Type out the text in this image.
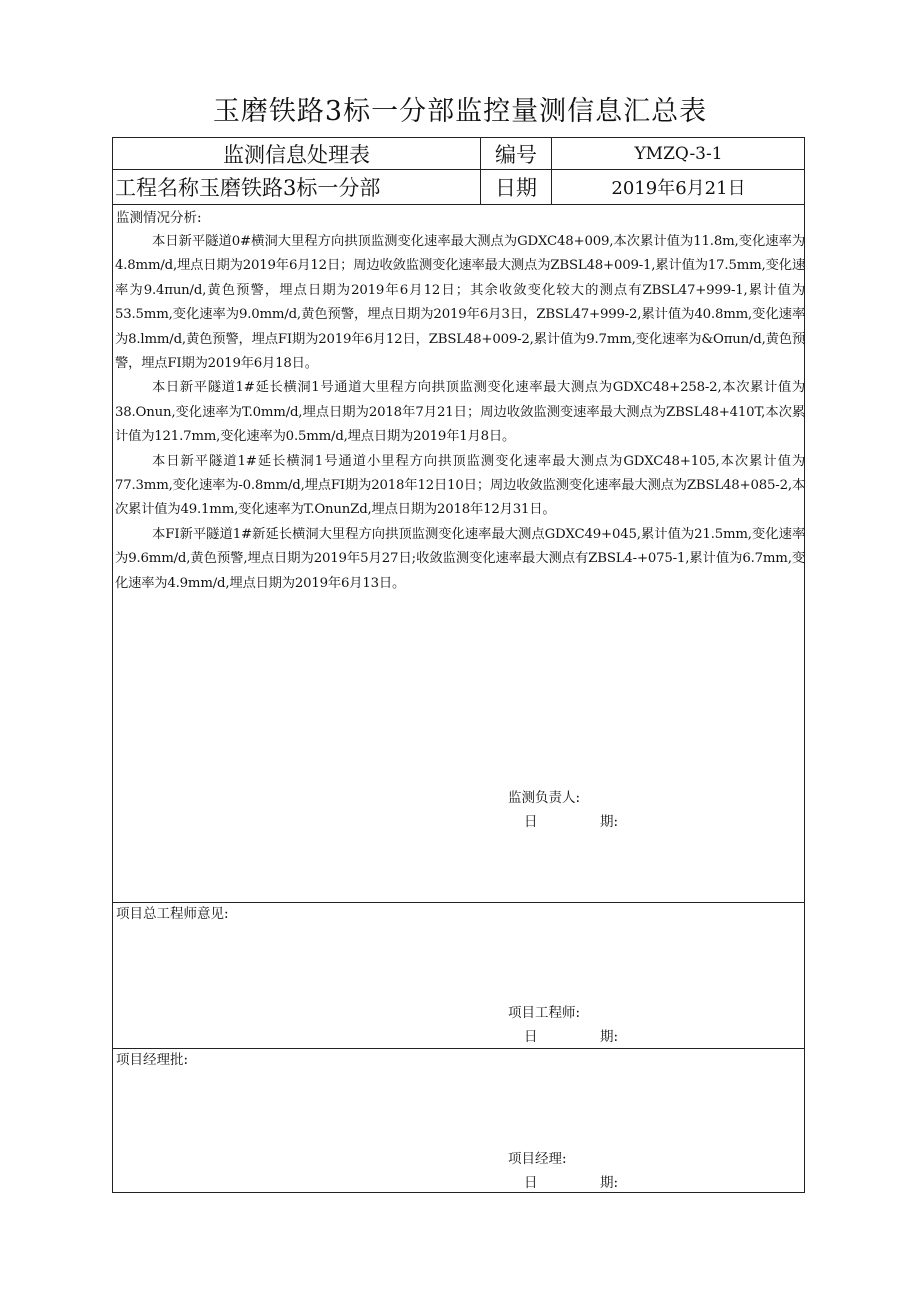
玉磨铁路3标一分部监控量测信息汇总表
监测信息处理表	编号	YMZQ-3-1
工程名称 玉磨铁路3标一分部	日期	2019年6月21日
监测情况分析:

本日新平隧道0#横洞大里程方向拱顶监测变化速率最大测点为GDXC48+009,本次累计值为11.8m,变化速率为4.8mm/d,埋点日期为2019年6月12日；周边收敛监测变化速率最大测点为ZBSL48+009-1,累计值为17.5mm,变化速率为9.4πun/d,黄色预警，埋点日期为2019年6月12日；其余收敛变化较大的测点有ZBSL47+999-1,累计值为53.5mm,变化速率为9.0mm/d,黄色预警，埋点日期为2019年6月3日，ZBSL47+999-2,累计值为40.8mm,变化速率为8.lmm/d,黄色预警，埋点FI期为2019年6月12日，ZBSL48+009-2,累计值为9.7mm,变化速率为&Oπun/d,黄色预警，埋点FI期为2019年6月18日。

本日新平隧道1#延长横洞1号通道大里程方向拱顶监测变化速率最大测点为GDXC48+258-2,本次累计值为38.Onun,变化速率为T.0mm/d,埋点日期为2018年7月21日；周边收敛监测变速率最大测点为ZBSL48+410T,本次累计值为121.7mm,变化速率为0.5mm/d,埋点日期为2019年1月8日。

本日新平隧道1#延长横洞1号通道小里程方向拱顶监测变化速率最大测点为GDXC48+105,本次累计值为77.3mm,变化速率为-0.8mm/d,埋点FI期为2018年12日10日；周边收敛监测变化速率最大测点为ZBSL48+085-2,本次累计值为49.1mm,变化速率为T.OnunZd,埋点日期为2018年12月31日。

本FI新平隧道1#新延长横洞大里程方向拱顶监测变化速率最大测点GDXC49+045,累计值为21.5mm,变化速率为9.6mm/d,黄色预警,埋点日期为2019年5月27日;收敛监测变化速率最大测点有ZBSL4-+075-1,累计值为6.7mm,变化速率为4.9mm/d,埋点日期为2019年6月13日。

监测负责人:
日	期:
项目总工程师意见:
项目工程师:
日	期:
项目经理批:
项目经理:
日	期:
